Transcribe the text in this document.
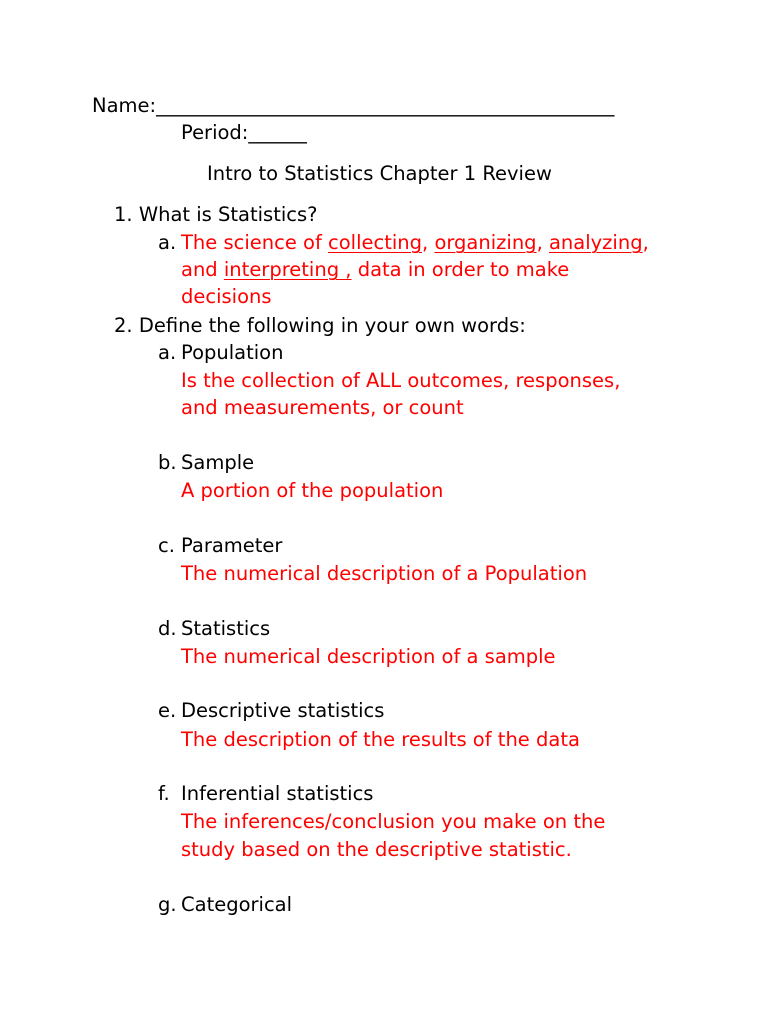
Name:_______________________________________________
Period:______
Intro to Statistics Chapter 1 Review
1. What is Statistics?
a. The science of collecting, organizing, analyzing,
and interpreting , data in order to make
decisions
2. Define the following in your own words:
a. Population
Is the collection of ALL outcomes, responses,
and measurements, or count
b. Sample
A portion of the population
c. Parameter
The numerical description of a Population
d. Statistics
The numerical description of a sample
e. Descriptive statistics
The description of the results of the data
f. Inferential statistics
The inferences/conclusion you make on the
study based on the descriptive statistic.
g. Categorical
